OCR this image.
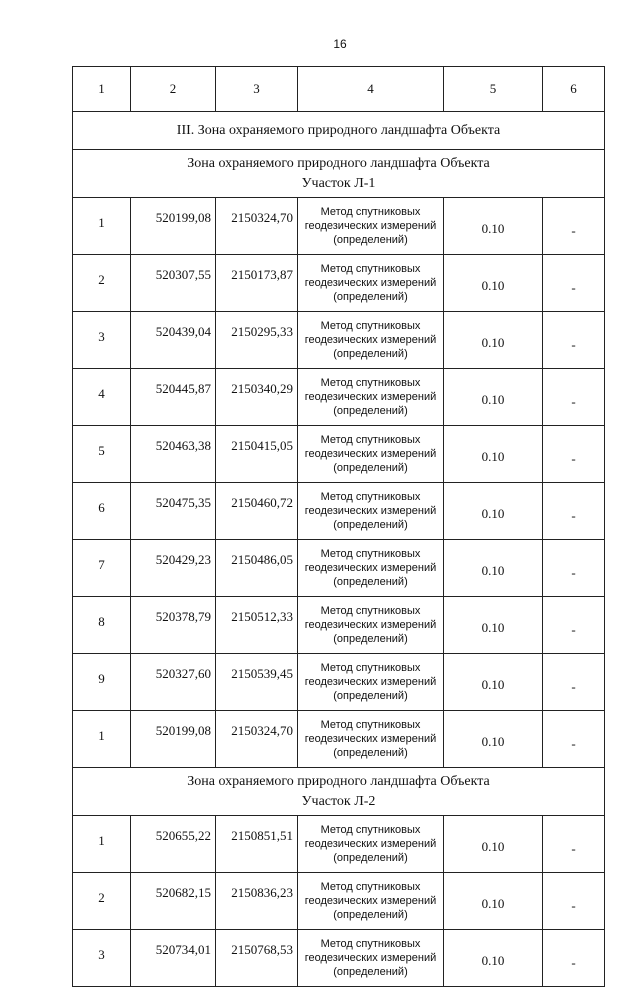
16
1	2	3	4	5	6
III. Зона охраняемого природного ландшафта Объекта					

Зона охраняемого природного ландшафта Объекта
Участок Л-1					

1	520199,08	2150324,70	Метод спутниковых
геодезических измерений
(определений)	0.10	-
2	520307,55	2150173,87	Метод спутниковых
геодезических измерений
(определений)	0.10	-
3	520439,04	2150295,33	Метод спутниковых
геодезических измерений
(определений)	0.10	-
4	520445,87	2150340,29	Метод спутниковых
геодезических измерений
(определений)	0.10	-
5	520463,38	2150415,05	Метод спутниковых
геодезических измерений
(определений)	0.10	-
6	520475,35	2150460,72	Метод спутниковых
геодезических измерений
(определений)	0.10	-
7	520429,23	2150486,05	Метод спутниковых
геодезических измерений
(определений)	0.10	-
8	520378,79	2150512,33	Метод спутниковых
геодезических измерений
(определений)	0.10	-
9	520327,60	2150539,45	Метод спутниковых
геодезических измерений
(определений)	0.10	-
1	520199,08	2150324,70	Метод спутниковых
геодезических измерений
(определений)	0.10	-

Зона охраняемого природного ландшафта Объекта
Участок Л-2					

1	520655,22	2150851,51	Метод спутниковых
геодезических измерений
(определений)	0.10	-
2	520682,15	2150836,23	Метод спутниковых
геодезических измерений
(определений)	0.10	-
3	520734,01	2150768,53	Метод спутниковых
геодезических измерений
(определений)	0.10	-
